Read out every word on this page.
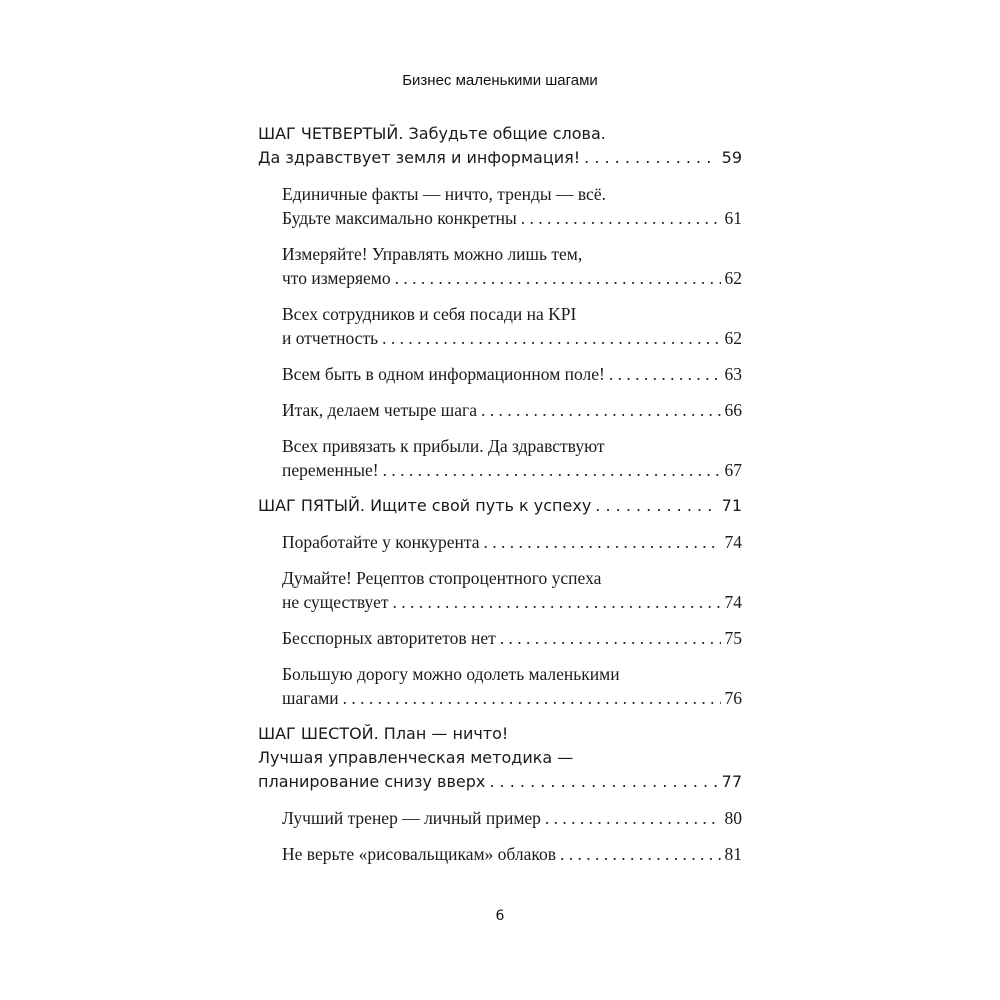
Бизнес маленькими шагами
ШАГ ЧЕТВЕРТЫЙ. Забудьте общие слова.
Да здравствует земля и информация! . . .	59
Единичные факты — ничто, тренды — всё.
Будьте максимально конкретны . . .	61
Измеряйте! Управлять можно лишь тем,
что измеряемо . . .	62
Всех сотрудников и себя посади на KPI
и отчетность . . .	62
Всем быть в одном информационном поле! . . .	63
Итак, делаем четыре шага . . .	66
Всех привязать к прибыли. Да здравствуют
переменные! . . .	67
ШАГ ПЯТЫЙ. Ищите свой путь к успеху . . .	71
Поработайте у конкурента . . .	74
Думайте! Рецептов стопроцентного успеха
не существует . . .	74
Бесспорных авторитетов нет . . .	75
Большую дорогу можно одолеть маленькими
шагами . . .	76
ШАГ ШЕСТОЙ. План — ничто!
Лучшая управленческая методика —
планирование снизу вверх . . .	77
Лучший тренер — личный пример . . .	80
Не верьте «рисовальщикам» облаков . . .	81
6
